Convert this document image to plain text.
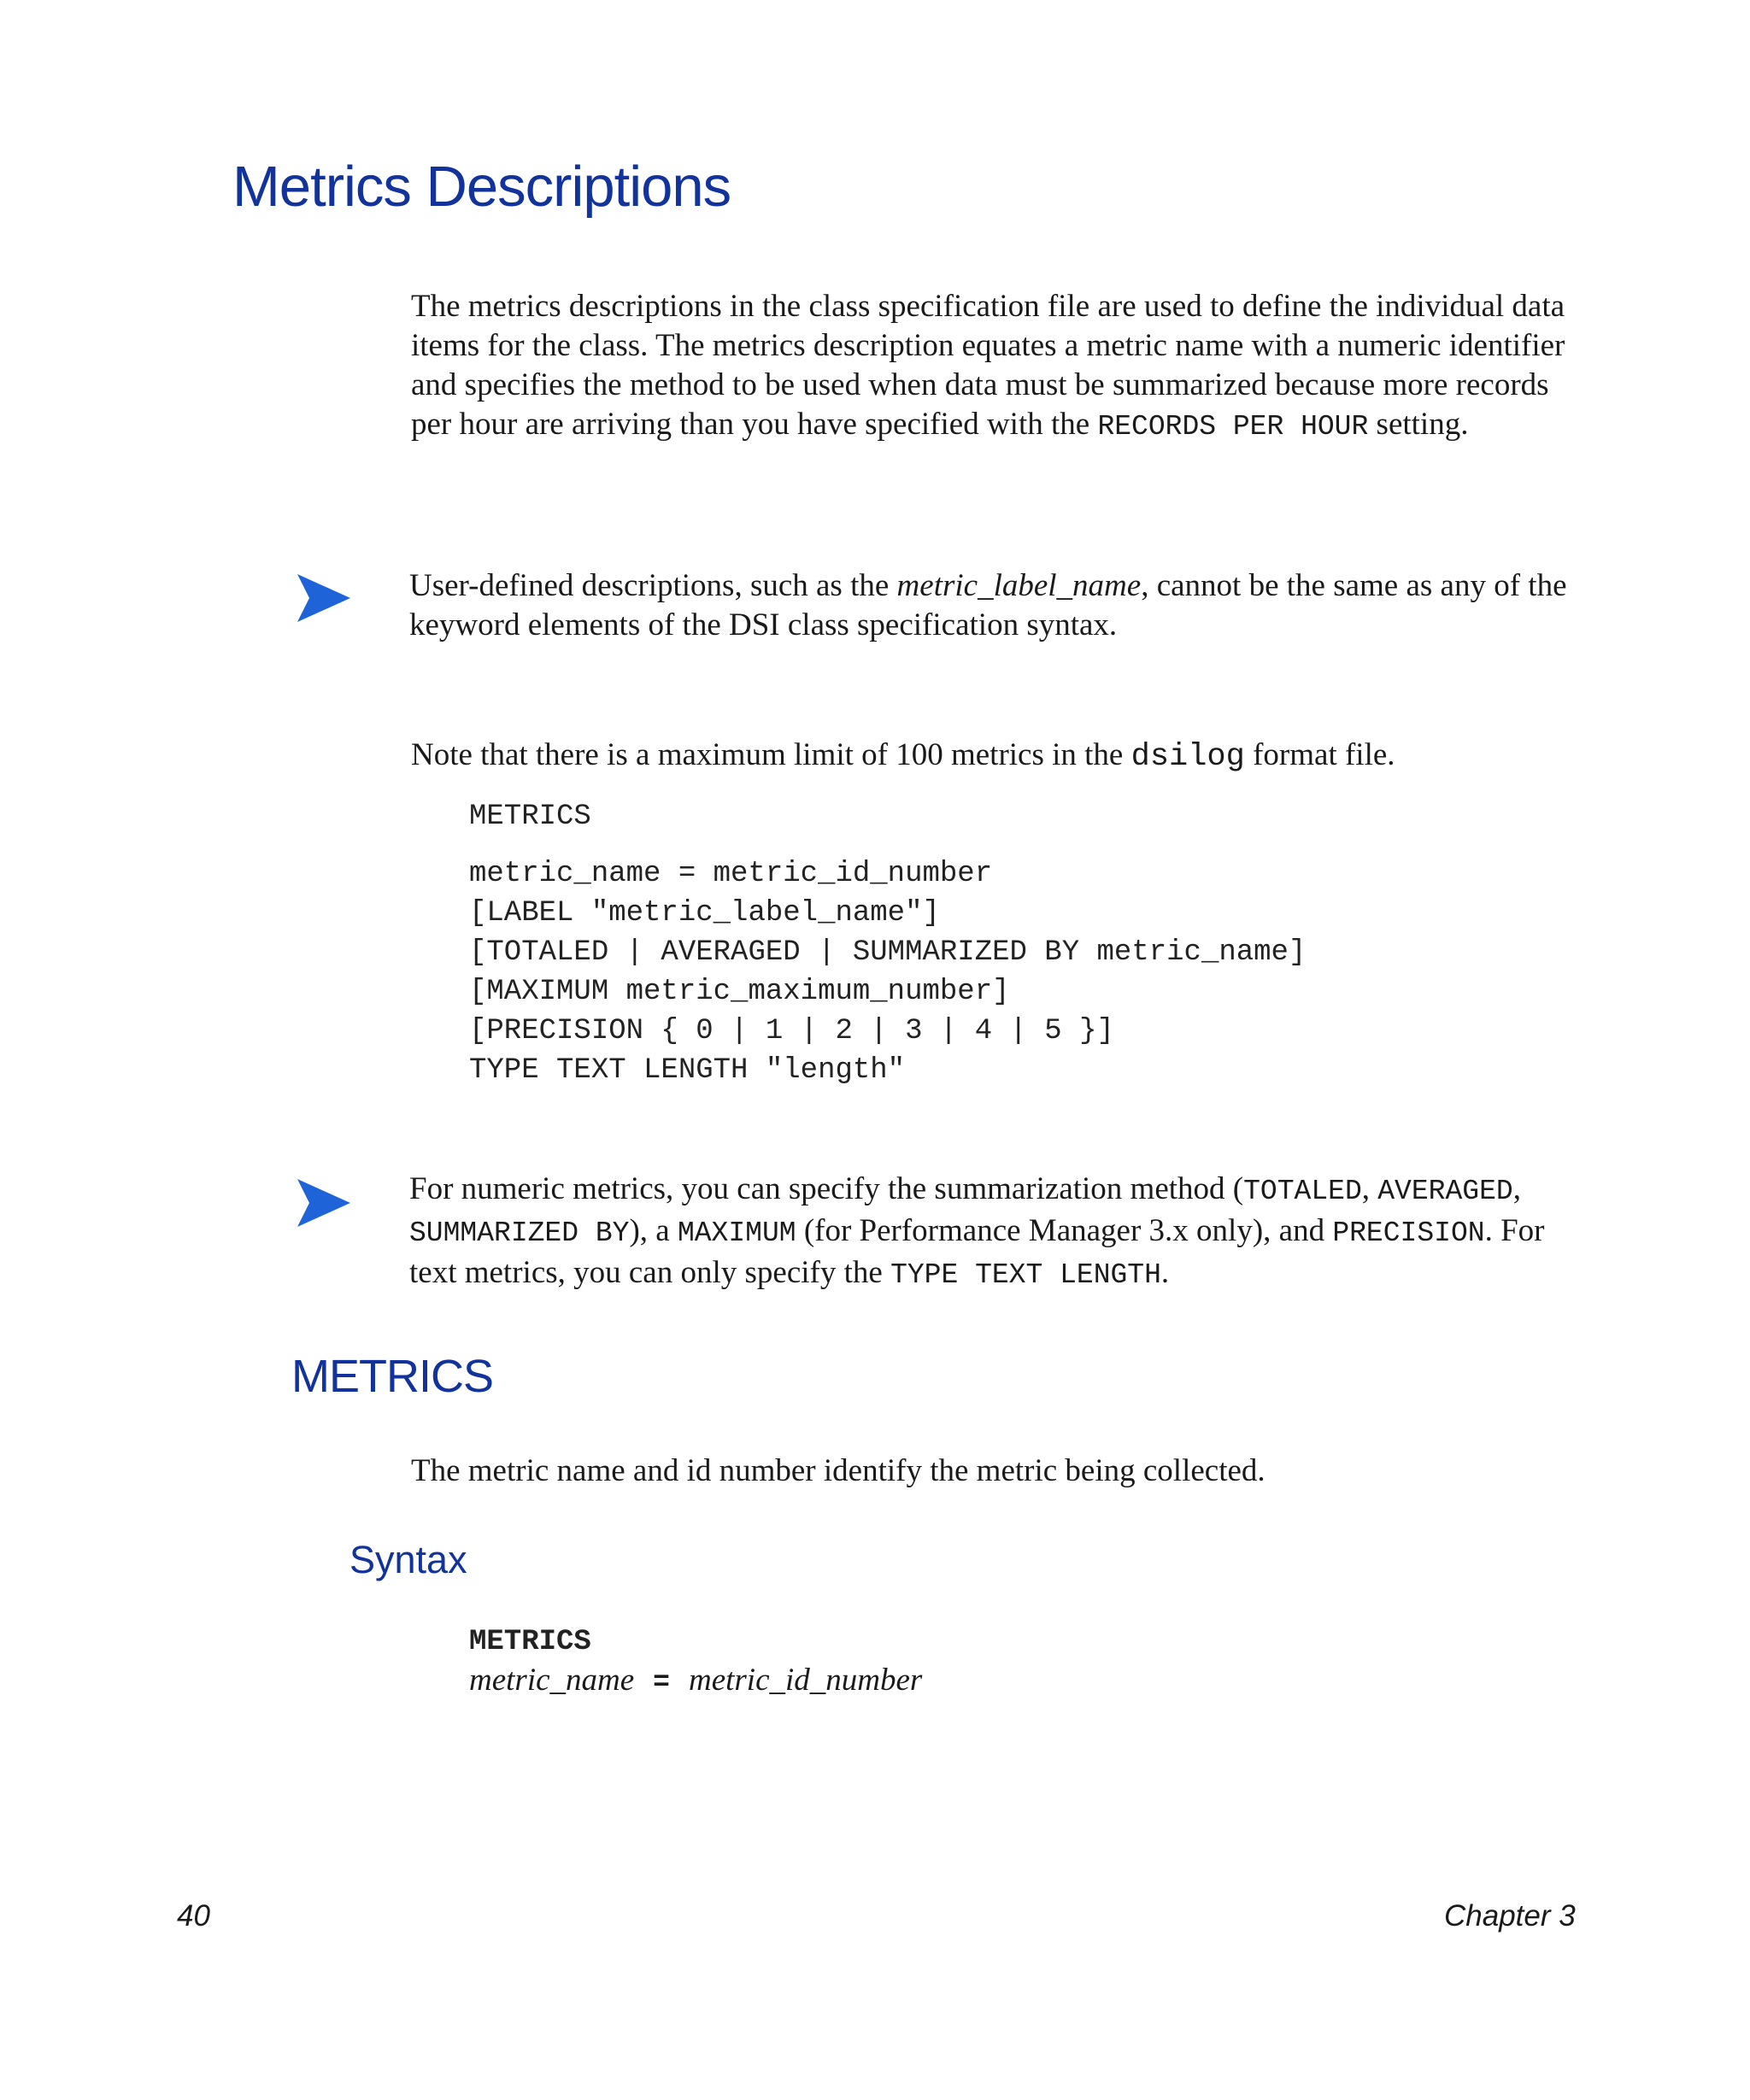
Metrics Descriptions

The metrics descriptions in the class specification file are used to define the individual data items for the class. The metrics description equates a metric name with a numeric identifier and specifies the method to be used when data must be summarized because more records per hour are arriving than you have specified with the RECORDS PER HOUR setting.

User-defined descriptions, such as the metric_label_name, cannot be the same as any of the keyword elements of the DSI class specification syntax.

Note that there is a maximum limit of 100 metrics in the dsilog format file.

METRICS
metric_name = metric_id_number
[LABEL "metric_label_name"]
[TOTALED | AVERAGED | SUMMARIZED BY metric_name]
[MAXIMUM metric_maximum_number]
[PRECISION { 0 | 1 | 2 | 3 | 4 | 5 }]
TYPE TEXT LENGTH "length"

For numeric metrics, you can specify the summarization method (TOTALED, AVERAGED, SUMMARIZED BY), a MAXIMUM (for Performance Manager 3.x only), and PRECISION. For text metrics, you can only specify the TYPE TEXT LENGTH.

METRICS

The metric name and id number identify the metric being collected.

Syntax
METRICS
metric_name = metric_id_number
40	Chapter 3
